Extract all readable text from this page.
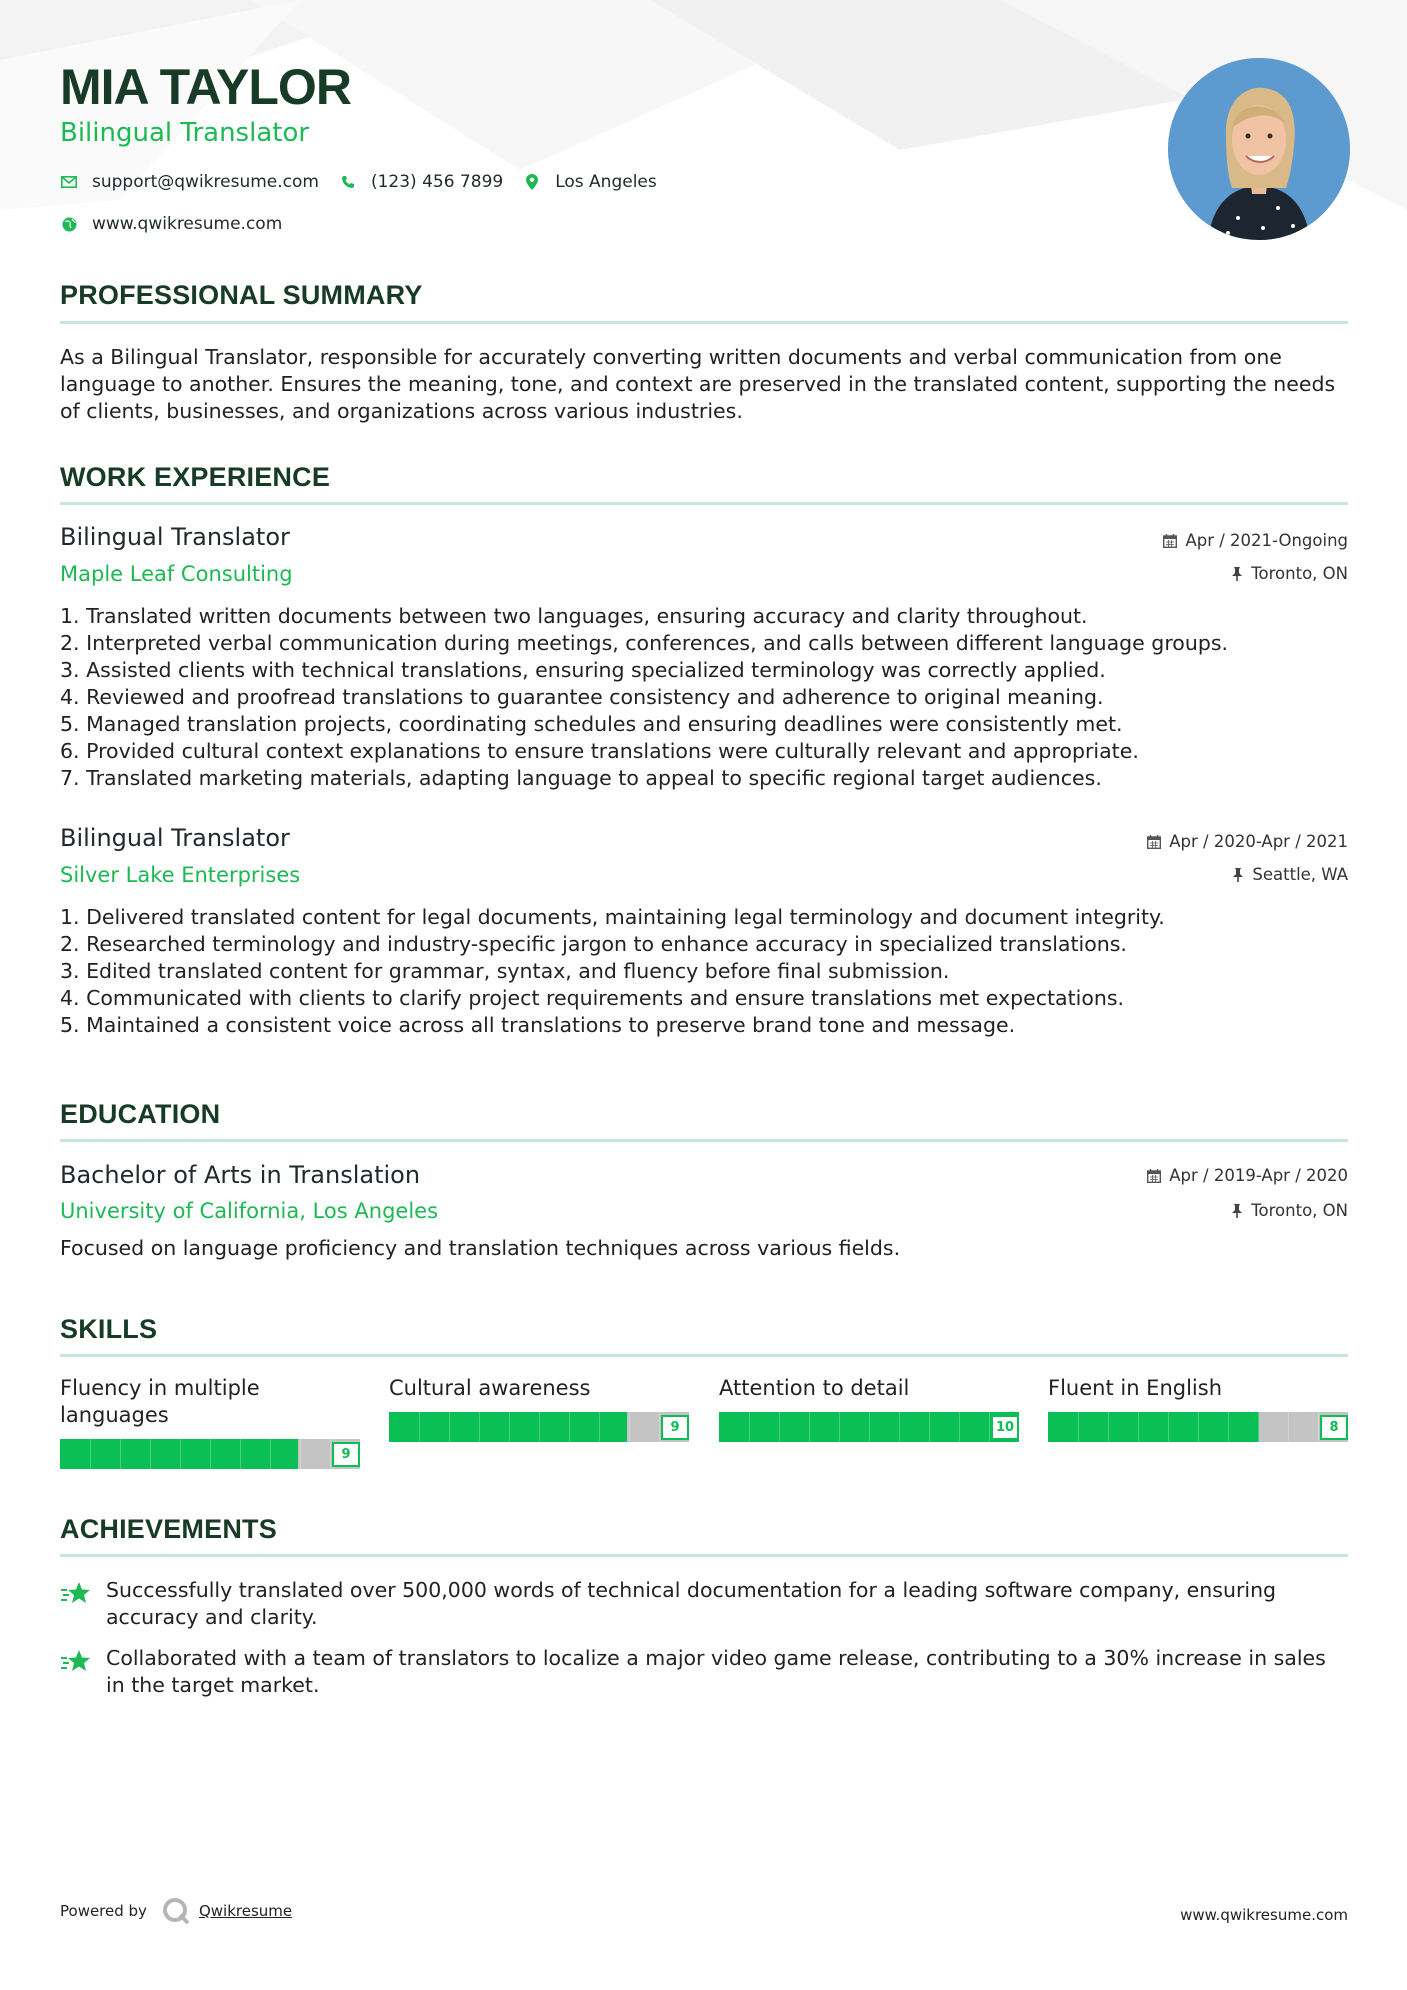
MIA TAYLOR
Bilingual Translator
support@qwikresume.com	(123) 456 7899	Los Angeles
www.qwikresume.com
PROFESSIONAL SUMMARY
As a Bilingual Translator, responsible for accurately converting written documents and verbal communication from one language to another. Ensures the meaning, tone, and context are preserved in the translated content, supporting the needs of clients, businesses, and organizations across various industries.
WORK EXPERIENCE
Bilingual Translator
Maple Leaf Consulting
Apr / 2021-Ongoing
Toronto, ON
1. Translated written documents between two languages, ensuring accuracy and clarity throughout.
2. Interpreted verbal communication during meetings, conferences, and calls between different language groups.
3. Assisted clients with technical translations, ensuring specialized terminology was correctly applied.
4. Reviewed and proofread translations to guarantee consistency and adherence to original meaning.
5. Managed translation projects, coordinating schedules and ensuring deadlines were consistently met.
6. Provided cultural context explanations to ensure translations were culturally relevant and appropriate.
7. Translated marketing materials, adapting language to appeal to specific regional target audiences.
Bilingual Translator
Silver Lake Enterprises
Apr / 2020-Apr / 2021
Seattle, WA
1. Delivered translated content for legal documents, maintaining legal terminology and document integrity.
2. Researched terminology and industry-specific jargon to enhance accuracy in specialized translations.
3. Edited translated content for grammar, syntax, and fluency before final submission.
4. Communicated with clients to clarify project requirements and ensure translations met expectations.
5. Maintained a consistent voice across all translations to preserve brand tone and message.
EDUCATION
Bachelor of Arts in Translation
University of California, Los Angeles
Apr / 2019-Apr / 2020
Toronto, ON
Focused on language proficiency and translation techniques across various fields.
SKILLS
Fluency in multiple languages
9
Cultural awareness
9
Attention to detail
10
Fluent in English
8
ACHIEVEMENTS
Successfully translated over 500,000 words of technical documentation for a leading software company, ensuring accuracy and clarity.
Collaborated with a team of translators to localize a major video game release, contributing to a 30% increase in sales in the target market.
Powered by	Qwikresume	www.qwikresume.com
